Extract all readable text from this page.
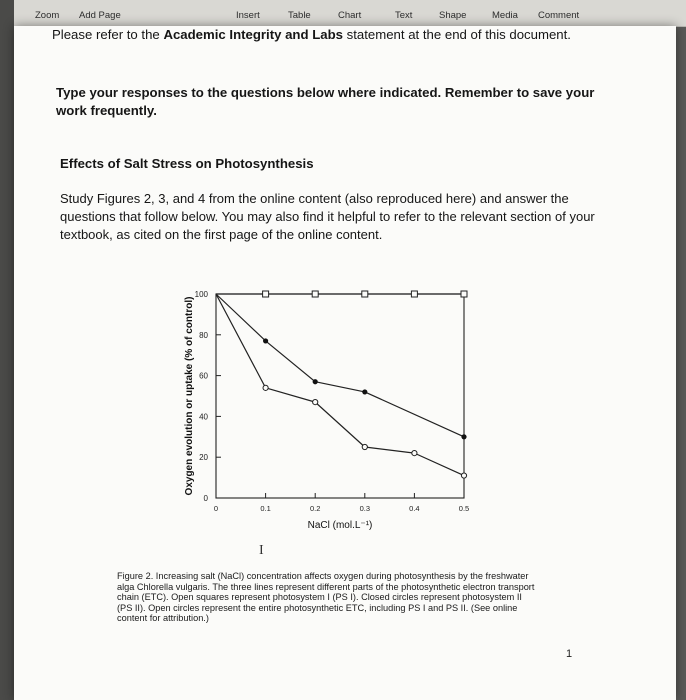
Zoom Add Page	Insert	Table	Chart	Text	Shape	Media Comment
Please refer to the Academic Integrity and Labs statement at the end of this document.
Type your responses to the questions below where indicated. Remember to save your work frequently.
Effects of Salt Stress on Photosynthesis
Study Figures 2, 3, and 4 from the online content (also reproduced here) and answer the questions that follow below. You may also find it helpful to refer to the relevant section of your textbook, as cited on the first page of the online content.
0
20
40
60
80
100
0	0.1	0.2	0.3	0.4	0.5
NaCl (mol.L⁻¹)
Oxygen evolution or uptake (% of control)
I
Figure 2. Increasing salt (NaCl) concentration affects oxygen during photosynthesis by the freshwater alga Chlorella vulgaris. The three lines represent different parts of the photosynthetic electron transport chain (ETC). Open squares represent photosystem I (PS I). Closed circles represent photosystem II (PS II). Open circles represent the entire photosynthetic ETC, including PS I and PS II. (See online content for attribution.)
1
